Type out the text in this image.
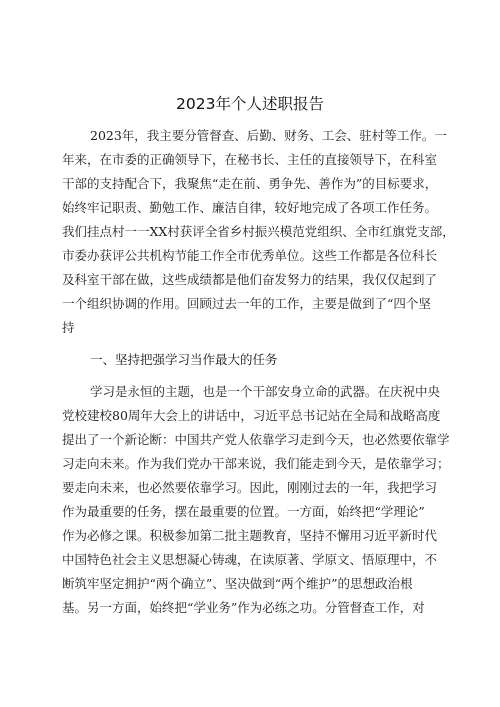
2023年个人述职报告
2023年，我主要分管督查、后勤、财务、工会、驻村等工作。一
年来，在市委的正确领导下，在秘书长、主任的直接领导下，在科室
干部的支持配合下，我聚焦“走在前、勇争先、善作为”的目标要求，
始终牢记职责、勤勉工作、廉洁自律，较好地完成了各项工作任务。
我们挂点村一一XX村获评全省乡村振兴模范党组织、全市红旗党支部，
市委办获评公共机构节能工作全市优秀单位。这些工作都是各位科长
及科室干部在做，这些成绩都是他们奋发努力的结果，我仅仅起到了
一个组织协调的作用。回顾过去一年的工作，主要是做到了“四个坚
持
一、坚持把强学习当作最大的任务
学习是永恒的主题，也是一个干部安身立命的武器。在庆祝中央
党校建校80周年大会上的讲话中，习近平总书记站在全局和战略高度
提出了一个新论断：中国共产党人依靠学习走到今天，也必然要依靠学
习走向未来。作为我们党办干部来说，我们能走到今天，是依靠学习；
要走向未来，也必然要依靠学习。因此，刚刚过去的一年，我把学习
作为最重要的任务，摆在最重要的位置。一方面，始终把“学理论”
作为必修之课。积极参加第二批主题教育，坚持不懈用习近平新时代
中国特色社会主义思想凝心铸魂，在读原著、学原文、悟原理中，不
断筑牢坚定拥护“两个确立”、坚决做到“两个维护”的思想政治根
基。另一方面，始终把“学业务”作为必练之功。分管督查工作，对
